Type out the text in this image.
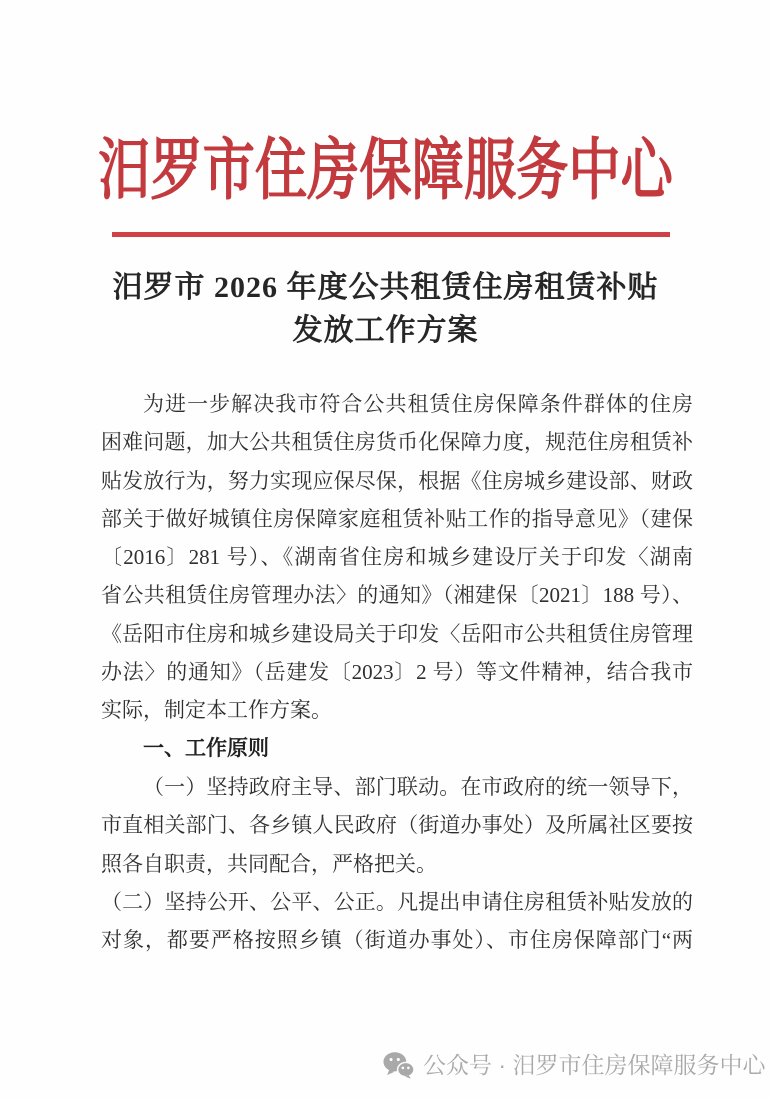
汨罗市住房保障服务中心
汨罗市 2026 年度公共租赁住房租赁补贴
发放工作方案
为进一步解决我市符合公共租赁住房保障条件群体的住房
困难问题，加大公共租赁住房货币化保障力度，规范住房租赁补
贴发放行为，努力实现应保尽保，根据《住房城乡建设部、财政
部关于做好城镇住房保障家庭租赁补贴工作的指导意见》（建保
〔2016〕281 号）、《湖南省住房和城乡建设厅关于印发〈湖南
省公共租赁住房管理办法〉的通知》（湘建保〔2021〕188 号）、
《岳阳市住房和城乡建设局关于印发〈岳阳市公共租赁住房管理
办法〉的通知》（岳建发〔2023〕2 号）等文件精神，结合我市
实际，制定本工作方案。
一、工作原则
（一）坚持政府主导、部门联动。在市政府的统一领导下，
市直相关部门、各乡镇人民政府（街道办事处）及所属社区要按
照各自职责，共同配合，严格把关。
（二）坚持公开、公平、公正。凡提出申请住房租赁补贴发放的
对象，都要严格按照乡镇（街道办事处）、市住房保障部门“两
公众号 · 汨罗市住房保障服务中心
